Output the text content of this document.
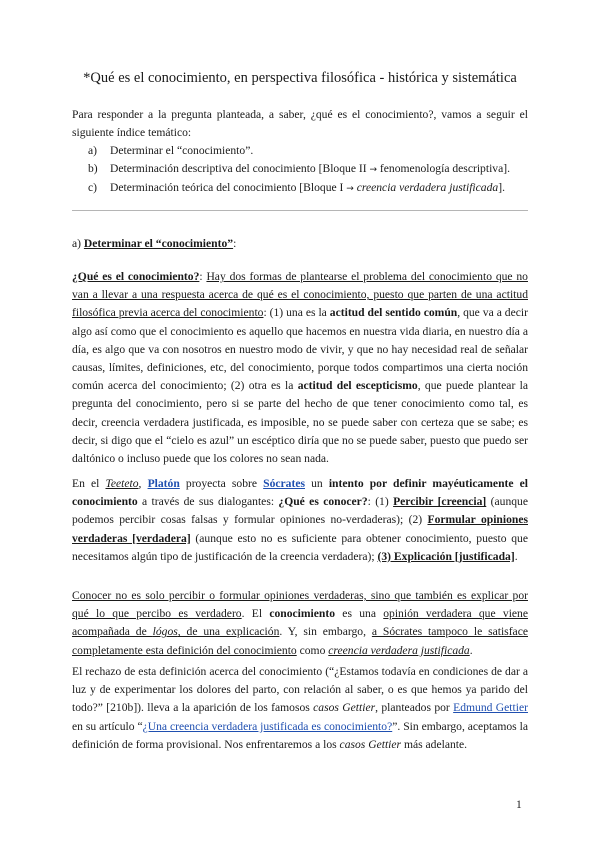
*Qué es el conocimiento, en perspectiva filosófica - histórica y sistemática

Para responder a la pregunta planteada, a saber, ¿qué es el conocimiento?, vamos a seguir el siguiente índice temático:

a) Determinar el “conocimiento”.
b) Determinación descriptiva del conocimiento [Bloque II → fenomenología descriptiva].
c) Determinación teórica del conocimiento [Bloque I → creencia verdadera justificada].

a) Determinar el “conocimiento”:

¿Qué es el conocimiento?: Hay dos formas de plantearse el problema del conocimiento que no van a llevar a una respuesta acerca de qué es el conocimiento, puesto que parten de una actitud filosófica previa acerca del conocimiento: (1) una es la actitud del sentido común, que va a decir algo así como que el conocimiento es aquello que hacemos en nuestra vida diaria, en nuestro día a día, es algo que va con nosotros en nuestro modo de vivir, y que no hay necesidad real de señalar causas, límites, definiciones, etc, del conocimiento, porque todos compartimos una cierta noción común acerca del conocimiento; (2) otra es la actitud del escepticismo, que puede plantear la pregunta del conocimiento, pero si se parte del hecho de que tener conocimiento como tal, es decir, creencia verdadera justificada, es imposible, no se puede saber con certeza que se sabe; es decir, si digo que el “cielo es azul” un escéptico diría que no se puede saber, puesto que puedo ser daltónico o incluso puede que los colores no sean nada.

En el Teeteto, Platón proyecta sobre Sócrates un intento por definir mayéuticamente el conocimiento a través de sus dialogantes: ¿Qué es conocer?: (1) Percibir [creencia] (aunque podemos percibir cosas falsas y formular opiniones no-verdaderas); (2) Formular opiniones verdaderas [verdadera] (aunque esto no es suficiente para obtener conocimiento, puesto que necesitamos algún tipo de justificación de la creencia verdadera); (3) Explicación [justificada].

Conocer no es solo percibir o formular opiniones verdaderas, sino que también es explicar por qué lo que percibo es verdadero. El conocimiento es una opinión verdadera que viene acompañada de lógos, de una explicación. Y, sin embargo, a Sócrates tampoco le satisface completamente esta definición del conocimiento como creencia verdadera justificada.

El rechazo de esta definición acerca del conocimiento (“¿Estamos todavía en condiciones de dar a luz y de experimentar los dolores del parto, con relación al saber, o es que hemos ya parido del todo?” [210b]). lleva a la aparición de los famosos casos Gettier, planteados por Edmund Gettier en su artículo “¿Una creencia verdadera justificada es conocimiento?”. Sin embargo, aceptamos la definición de forma provisional. Nos enfrentaremos a los casos Gettier más adelante.

1
